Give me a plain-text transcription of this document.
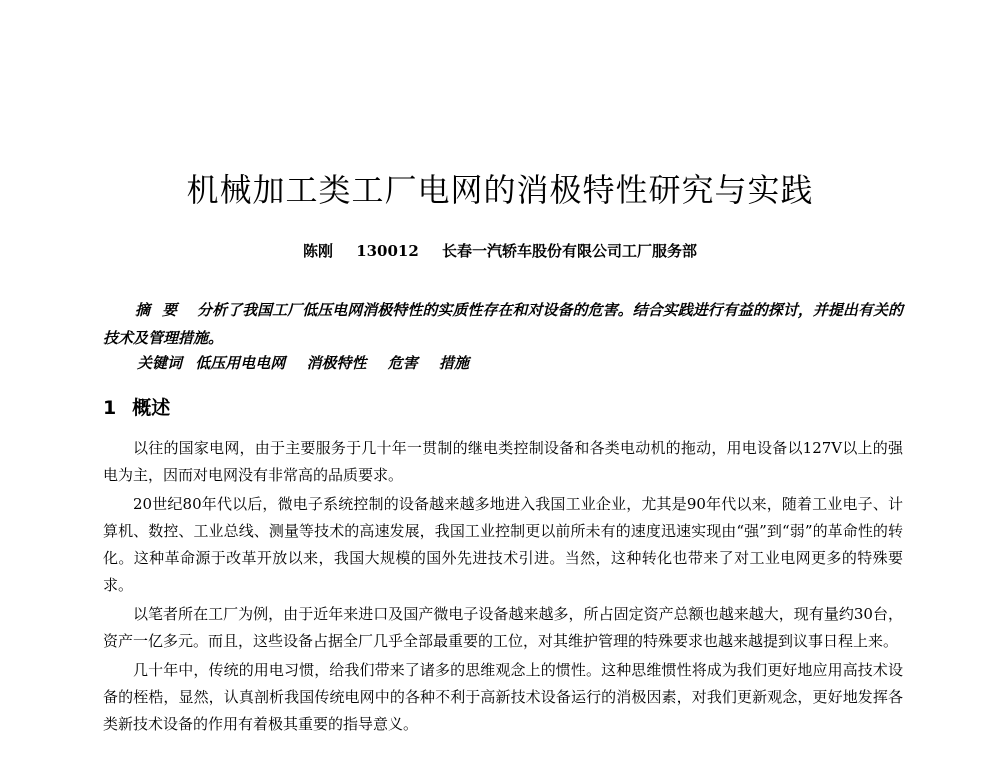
机械加工类工厂电网的消极特性研究与实践
陈刚 130012 长春一汽轿车股份有限公司工厂服务部
摘要 分析了我国工厂低压电网消极特性的实质性存在和对设备的危害。结合实践进行有益的探讨，并提出有关的技术及管理措施。
关键词 低压用电电网 消极特性 危害 措施
1 概述

以往的国家电网，由于主要服务于几十年一贯制的继电类控制设备和各类电动机的拖动，用电设备以127V以上的强电为主，因而对电网没有非常高的品质要求。

20世纪80年代以后，微电子系统控制的设备越来越多地进入我国工业企业，尤其是90年代以来，随着工业电子、计算机、数控、工业总线、测量等技术的高速发展，我国工业控制更以前所未有的速度迅速实现由“强”到“弱”的革命性的转化。这种革命源于改革开放以来，我国大规模的国外先进技术引进。当然，这种转化也带来了对工业电网更多的特殊要求。

以笔者所在工厂为例，由于近年来进口及国产微电子设备越来越多，所占固定资产总额也越来越大，现有量约30台，资产一亿多元。而且，这些设备占据全厂几乎全部最重要的工位，对其维护管理的特殊要求也越来越提到议事日程上来。

几十年中，传统的用电习惯，给我们带来了诸多的思维观念上的惯性。这种思维惯性将成为我们更好地应用高技术设备的桎梏，显然，认真剖析我国传统电网中的各种不利于高新技术设备运行的消极因素，对我们更新观念，更好地发挥各类新技术设备的作用有着极其重要的指导意义。
